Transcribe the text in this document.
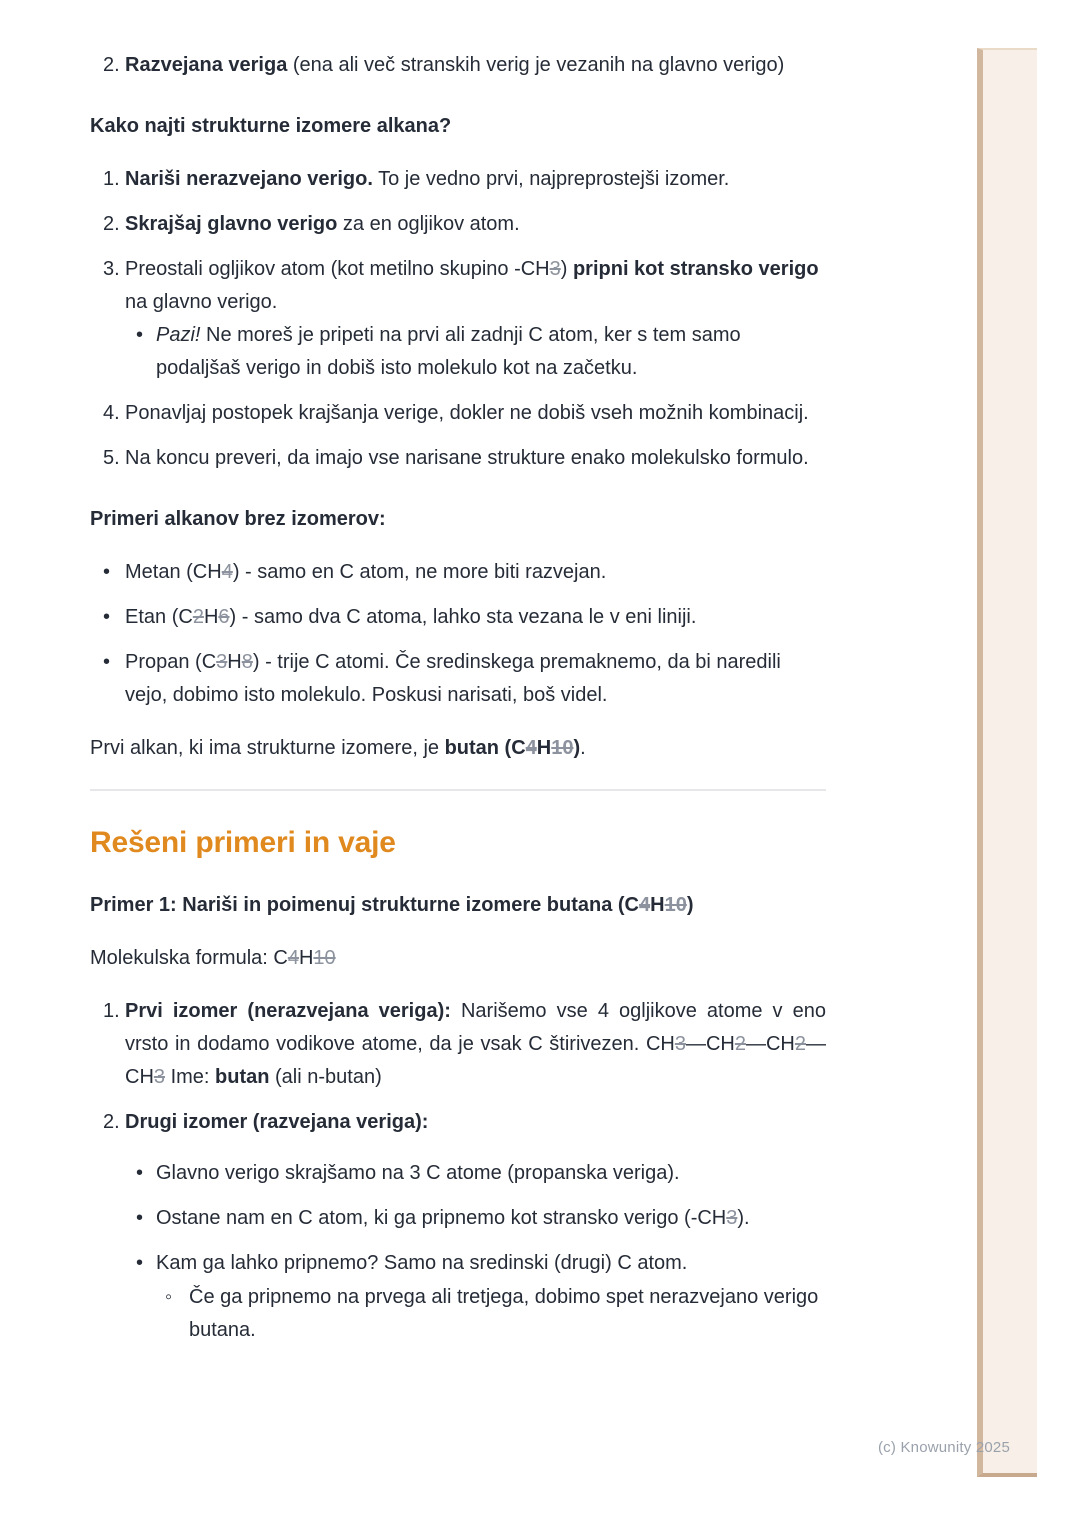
(c) Knowunity 2025
2. Razvejana veriga (ena ali več stranskih verig je vezanih na glavno verigo)
Kako najti strukturne izomere alkana?
1. Nariši nerazvejano verigo. To je vedno prvi, najpreprostejši izomer.
2. Skrajšaj glavno verigo za en ogljikov atom.
3. Preostali ogljikov atom (kot metilno skupino -CH3) pripni kot stransko verigo na glavno verigo.
• Pazi! Ne moreš je pripeti na prvi ali zadnji C atom, ker s tem samo podaljšaš verigo in dobiš isto molekulo kot na začetku.
4. Ponavljaj postopek krajšanja verige, dokler ne dobiš vseh možnih kombinacij.
5. Na koncu preveri, da imajo vse narisane strukture enako molekulsko formulo.
Primeri alkanov brez izomerov:
• Metan (CH4) - samo en C atom, ne more biti razvejan.
• Etan (C2H6) - samo dva C atoma, lahko sta vezana le v eni liniji.
• Propan (C3H8) - trije C atomi. Če sredinskega premaknemo, da bi naredili vejo, dobimo isto molekulo. Poskusi narisati, boš videl.
Prvi alkan, ki ima strukturne izomere, je butan (C4H10).
Rešeni primeri in vaje
Primer 1: Nariši in poimenuj strukturne izomere butana (C4H10)
Molekulska formula: C4H10
1. Prvi izomer (nerazvejana veriga): Narišemo vse 4 ogljikove atome v eno vrsto in dodamo vodikove atome, da je vsak C štirivezen. CH3—CH2—CH2—CH3 Ime: butan (ali n-butan)
2. Drugi izomer (razvejana veriga):
• Glavno verigo skrajšamo na 3 C atome (propanska veriga).
• Ostane nam en C atom, ki ga pripnemo kot stransko verigo (-CH3).
• Kam ga lahko pripnemo? Samo na sredinski (drugi) C atom.
◦ Če ga pripnemo na prvega ali tretjega, dobimo spet nerazvejano verigo butana.
